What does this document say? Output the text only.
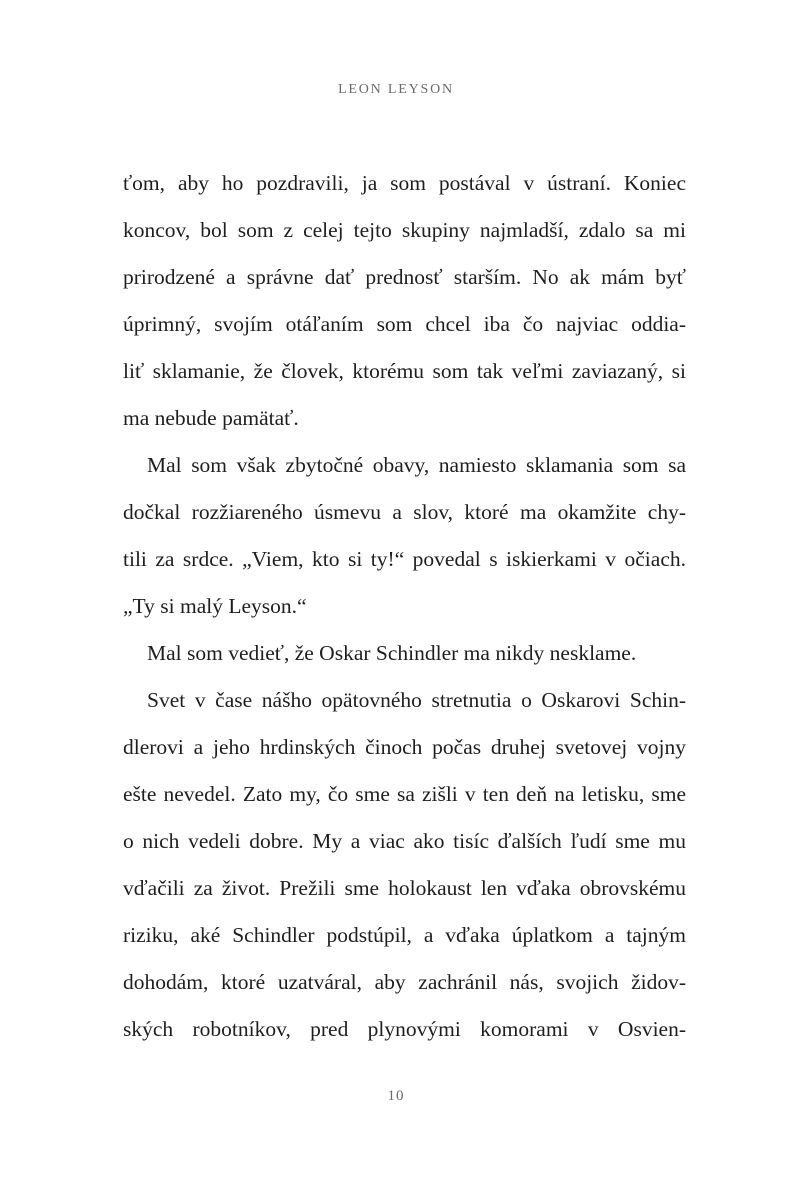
LEON LEYSON
ťom, aby ho pozdravili, ja som postával v ústraní. Koniec
koncov, bol som z celej tejto skupiny najmladší, zdalo sa mi
prirodzené a správne dať prednosť starším. No ak mám byť
úprimný, svojím otáľaním som chcel iba čo najviac oddia-
liť sklamanie, že človek, ktorému som tak veľmi zaviazaný, si
ma nebude pamätať.
Mal som však zbytočné obavy, namiesto sklamania som sa
dočkal rozžiareného úsmevu a slov, ktoré ma okamžite chy-
tili za srdce. „Viem, kto si ty!“ povedal s iskierkami v očiach.
„Ty si malý Leyson.“
Mal som vedieť, že Oskar Schindler ma nikdy nesklame.
Svet v čase nášho opätovného stretnutia o Oskarovi Schin-
dlerovi a jeho hrdinských činoch počas druhej svetovej vojny
ešte nevedel. Zato my, čo sme sa zišli v ten deň na letisku, sme
o nich vedeli dobre. My a viac ako tisíc ďalších ľudí sme mu
vďačili za život. Prežili sme holokaust len vďaka obrovskému
riziku, aké Schindler podstúpil, a vďaka úplatkom a tajným
dohodám, ktoré uzatváral, aby zachránil nás, svojich židov-
ských robotníkov, pred plynovými komorami v Osvien-
10
